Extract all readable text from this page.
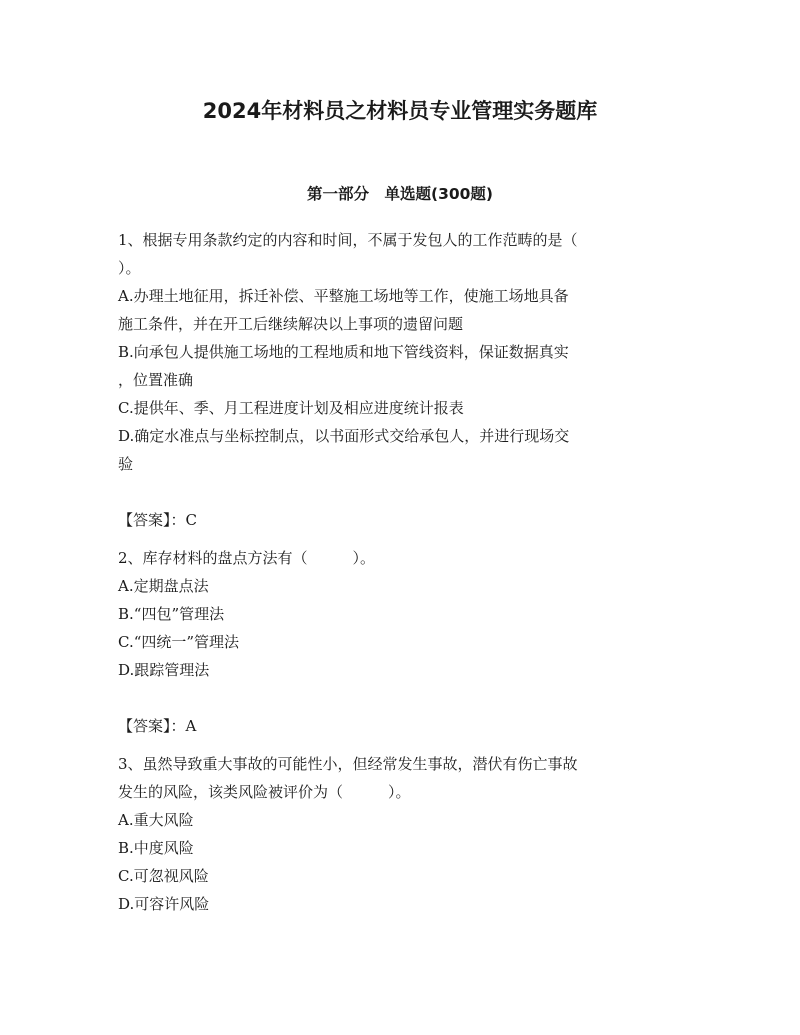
2024年材料员之材料员专业管理实务题库
第一部分　单选题(300题)
1、根据专用条款约定的内容和时间，不属于发包人的工作范畴的是（
）。
A.办理土地征用，拆迁补偿、平整施工场地等工作，使施工场地具备
施工条件，并在开工后继续解决以上事项的遗留问题
B.向承包人提供施工场地的工程地质和地下管线资料，保证数据真实
，位置准确
C.提供年、季、月工程进度计划及相应进度统计报表
D.确定水准点与坐标控制点，以书面形式交给承包人，并进行现场交
验
【答案】：C
2、库存材料的盘点方法有（　　　）。
A.定期盘点法
B.“四包”管理法
C.“四统一”管理法
D.跟踪管理法
【答案】：A
3、虽然导致重大事故的可能性小，但经常发生事故，潜伏有伤亡事故
发生的风险，该类风险被评价为（　　　）。
A.重大风险
B.中度风险
C.可忽视风险
D.可容许风险
